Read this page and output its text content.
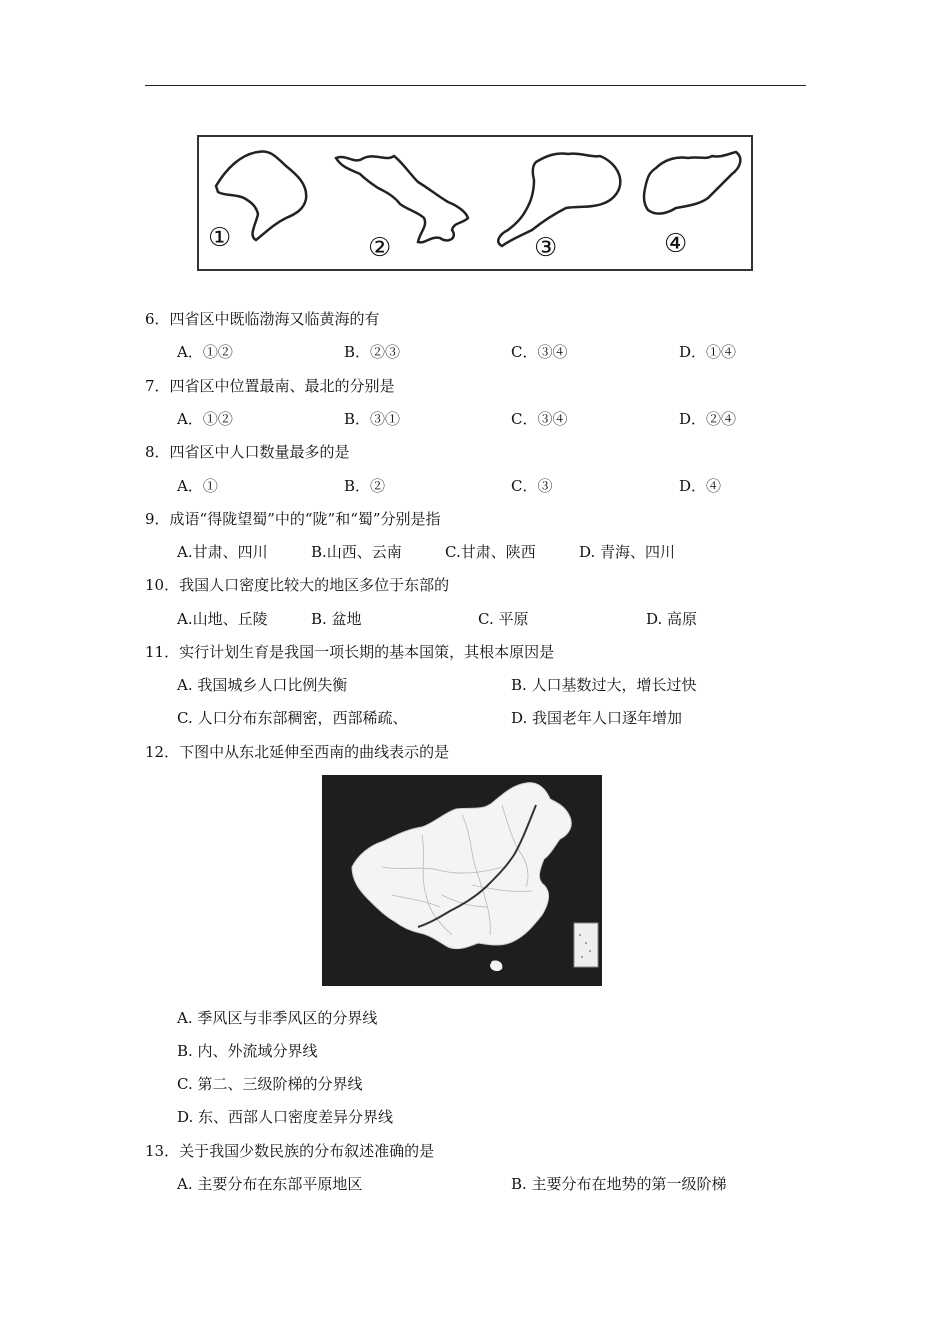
①	②	③	④
6．四省区中既临渤海又临黄海的有
A．①②	B．②③	C．③④	D．①④
7．四省区中位置最南、最北的分别是
A．①②	B．③①	C．③④	D．②④
8．四省区中人口数量最多的是
A．①	B．②	C．③	D．④
9．成语“得陇望蜀”中的“陇”和“蜀”分别是指
A.甘肃、四川	B.山西、云南	C.甘肃、陕西	D. 青海、四川
10．我国人口密度比较大的地区多位于东部的
A.山地、丘陵	B. 盆地	C. 平原	D. 高原
11．实行计划生育是我国一项长期的基本国策，其根本原因是
A. 我国城乡人口比例失衡	B. 人口基数过大，增长过快
C. 人口分布东部稠密，西部稀疏、	D. 我国老年人口逐年增加
12．下图中从东北延伸至西南的曲线表示的是
A. 季风区与非季风区的分界线
B. 内、外流域分界线
C. 第二、三级阶梯的分界线
D. 东、西部人口密度差异分界线
13．关于我国少数民族的分布叙述准确的是
A. 主要分布在东部平原地区	B. 主要分布在地势的第一级阶梯
